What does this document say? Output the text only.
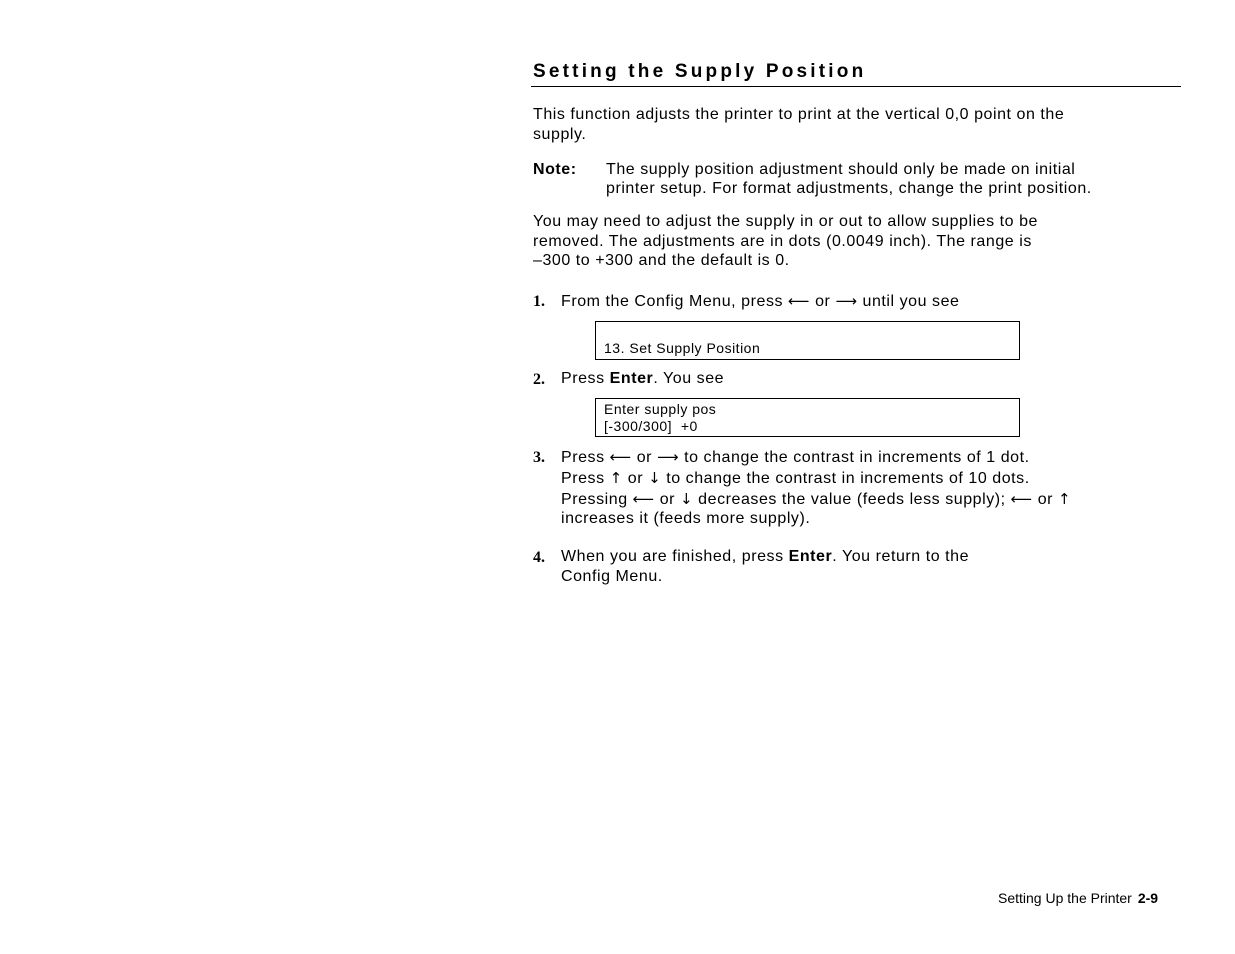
Setting the Supply Position

This function adjusts the printer to print at the vertical 0,0 point on the

supply.

Note: The supply position adjustment should only be made on initial
printer setup. For format adjustments, change the print position.

You may need to adjust the supply in or out to allow supplies to be

removed. The adjustments are in dots (0.0049 inch). The range is

–300 to +300 and the default is 0.

1. From the Config Menu, press ⟵ or ⟶ until you see
13. Set Supply Position
2. Press Enter. You see
Enter supply pos
[-300/300]  +0
3. Press ⟵ or ⟶ to change the contrast in increments of 1 dot.
Press ↑ or ↓ to change the contrast in increments of 10 dots.
Pressing ⟵ or ↓ decreases the value (feeds less supply); ⟵ or ↑
increases it (feeds more supply).
4. When you are finished, press Enter. You return to the
Config Menu.
Setting Up the Printer 2-9
